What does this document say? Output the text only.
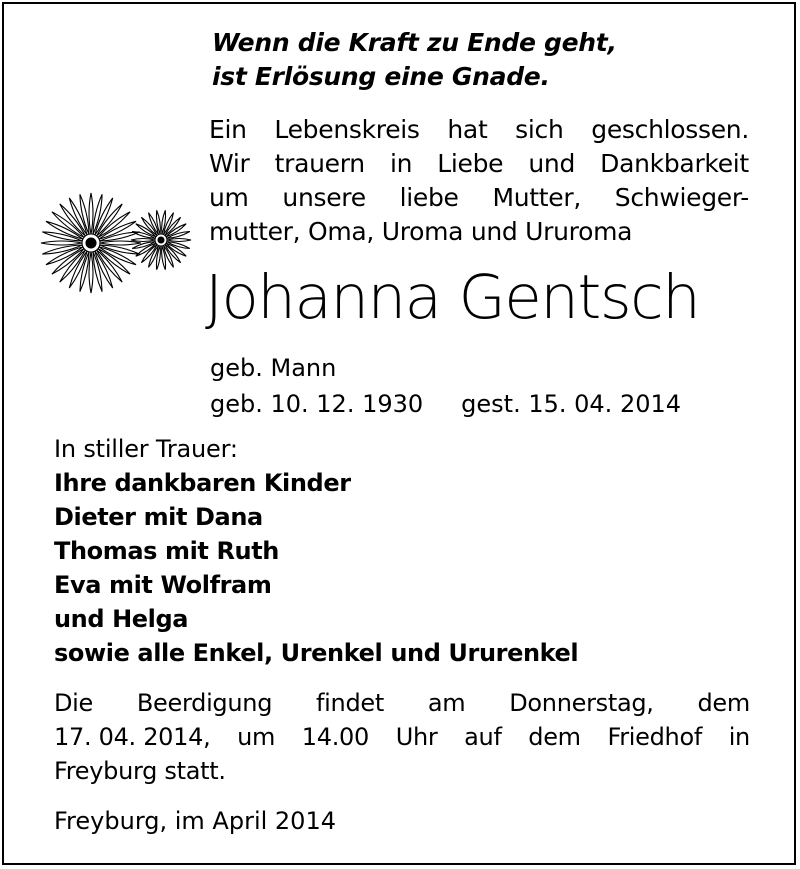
Wenn die Kraft zu Ende geht,
ist Erlösung eine Gnade.
Ein Lebenskreis hat sich geschlossen.
Wir trauern in Liebe und Dankbarkeit
um unsere liebe Mutter, Schwieger-
mutter, Oma, Uroma und Ururoma
Johanna Gentsch
geb. Mann
geb. 10. 12. 1930 gest. 15. 04. 2014
In stiller Trauer:
Ihre dankbaren Kinder
Dieter mit Dana
Thomas mit Ruth
Eva mit Wolfram
und Helga
sowie alle Enkel, Urenkel und Ururenkel
Die Beerdigung findet am Donnerstag, dem
17. 04. 2014, um 14.00 Uhr auf dem Friedhof in
Freyburg statt.
Freyburg, im April 2014
